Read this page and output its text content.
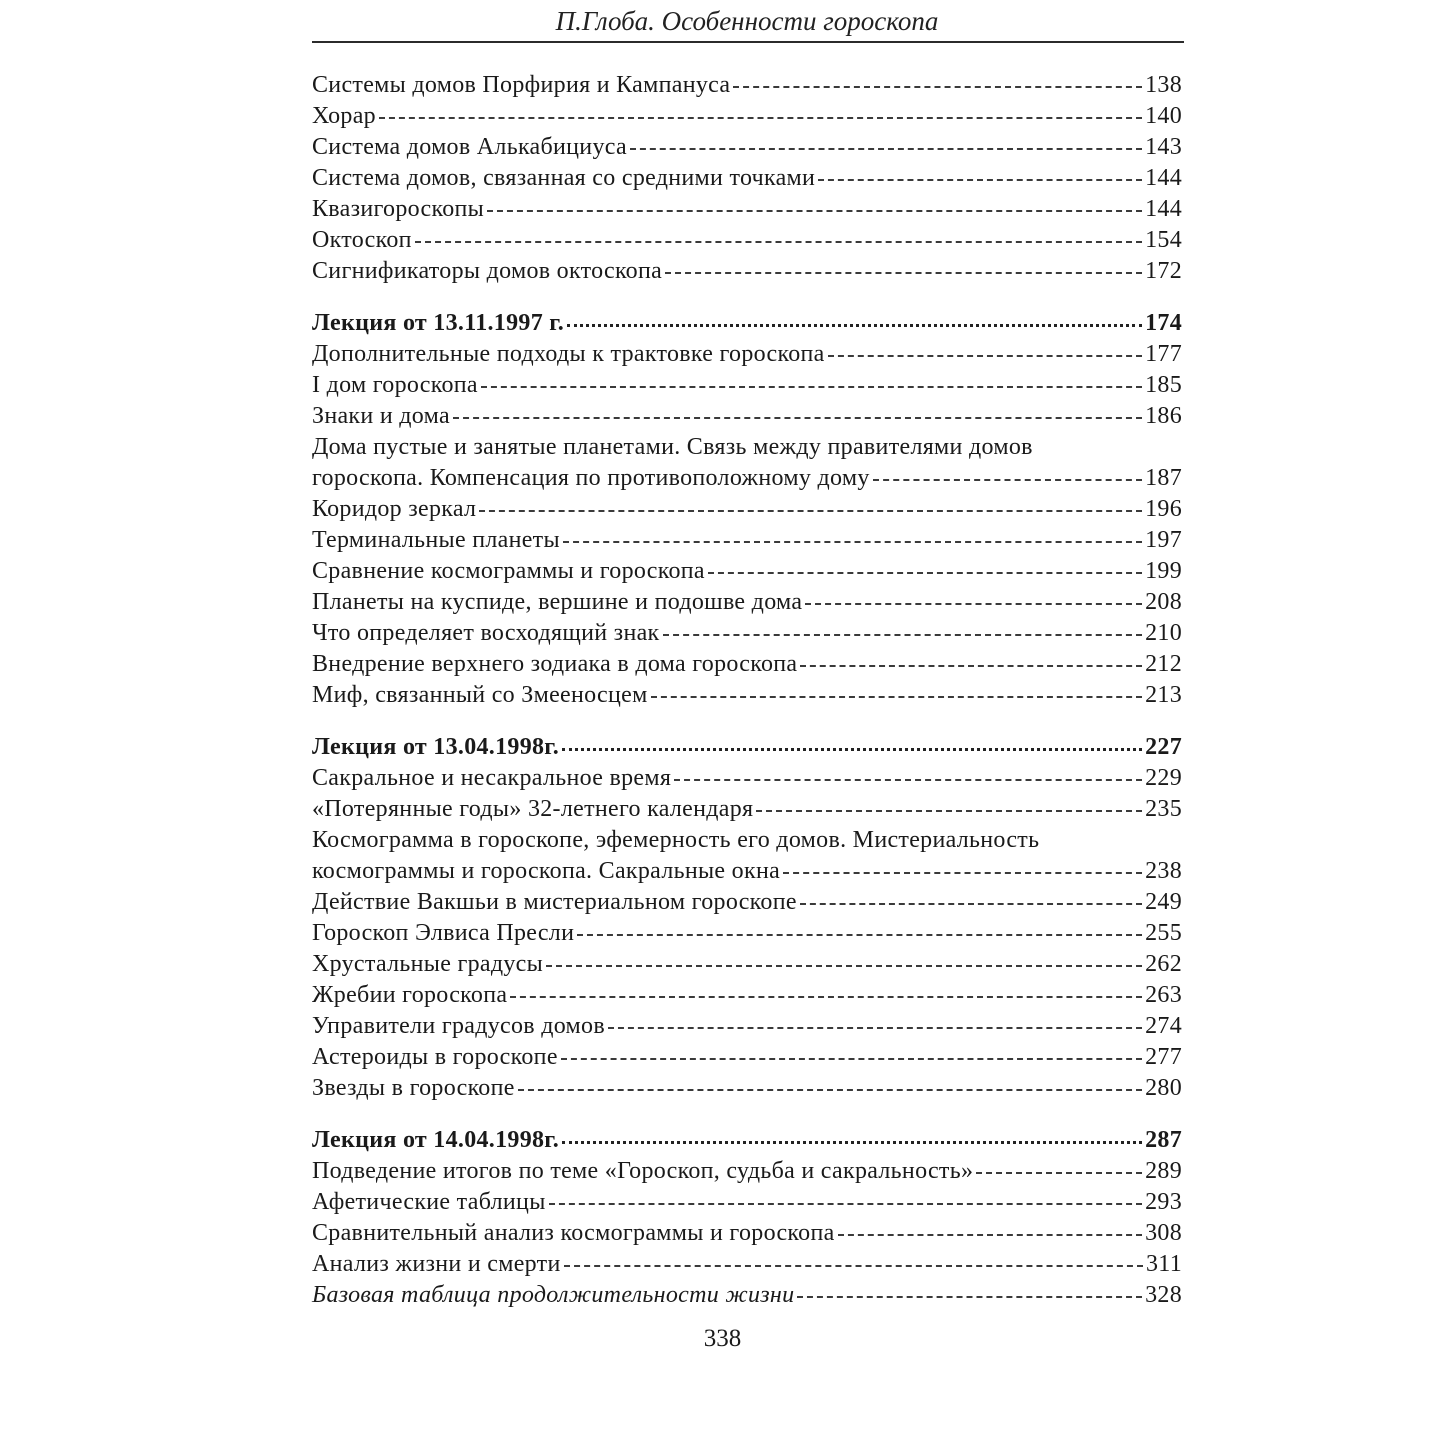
П.Глоба. Особенности гороскопа
Системы домов Порфирия и Кампануса	138
Хорар	140
Система домов Алькабициуса	143
Система домов, связанная со средними точками	144
Квазигороскопы	144
Октоскоп	154
Сигнификаторы домов октоскопа	172
Лекция от 13.11.1997 г.	174
Дополнительные подходы к трактовке гороскопа	177
I дом гороскопа	185
Знаки и дома	186
Дома пустые и занятые планетами. Связь между правителями домов
гороскопа. Компенсация по противоположному дому	187
Коридор зеркал	196
Терминальные планеты	197
Сравнение космограммы и гороскопа	199
Планеты на куспиде, вершине и подошве дома	208
Что определяет восходящий знак	210
Внедрение верхнего зодиака в дома гороскопа	212
Миф, связанный со Змееносцем	213
Лекция от 13.04.1998г.	227
Сакральное и несакральное время	229
«Потерянные годы» 32-летнего календаря	235
Космограмма в гороскопе, эфемерность его домов. Мистериальность
космограммы и гороскопа. Сакральные окна	238
Действие Вакшьи в мистериальном гороскопе	249
Гороскоп Элвиса Пресли	255
Хрустальные градусы	262
Жребии гороскопа	263
Управители градусов домов	274
Астероиды в гороскопе	277
Звезды в гороскопе	280
Лекция от 14.04.1998г.	287
Подведение итогов по теме «Гороскоп, судьба и сакральность»	289
Афетические таблицы	293
Сравнительный анализ космограммы и гороскопа	308
Анализ жизни и смерти	311
Базовая таблица продолжительности жизни	328
338
